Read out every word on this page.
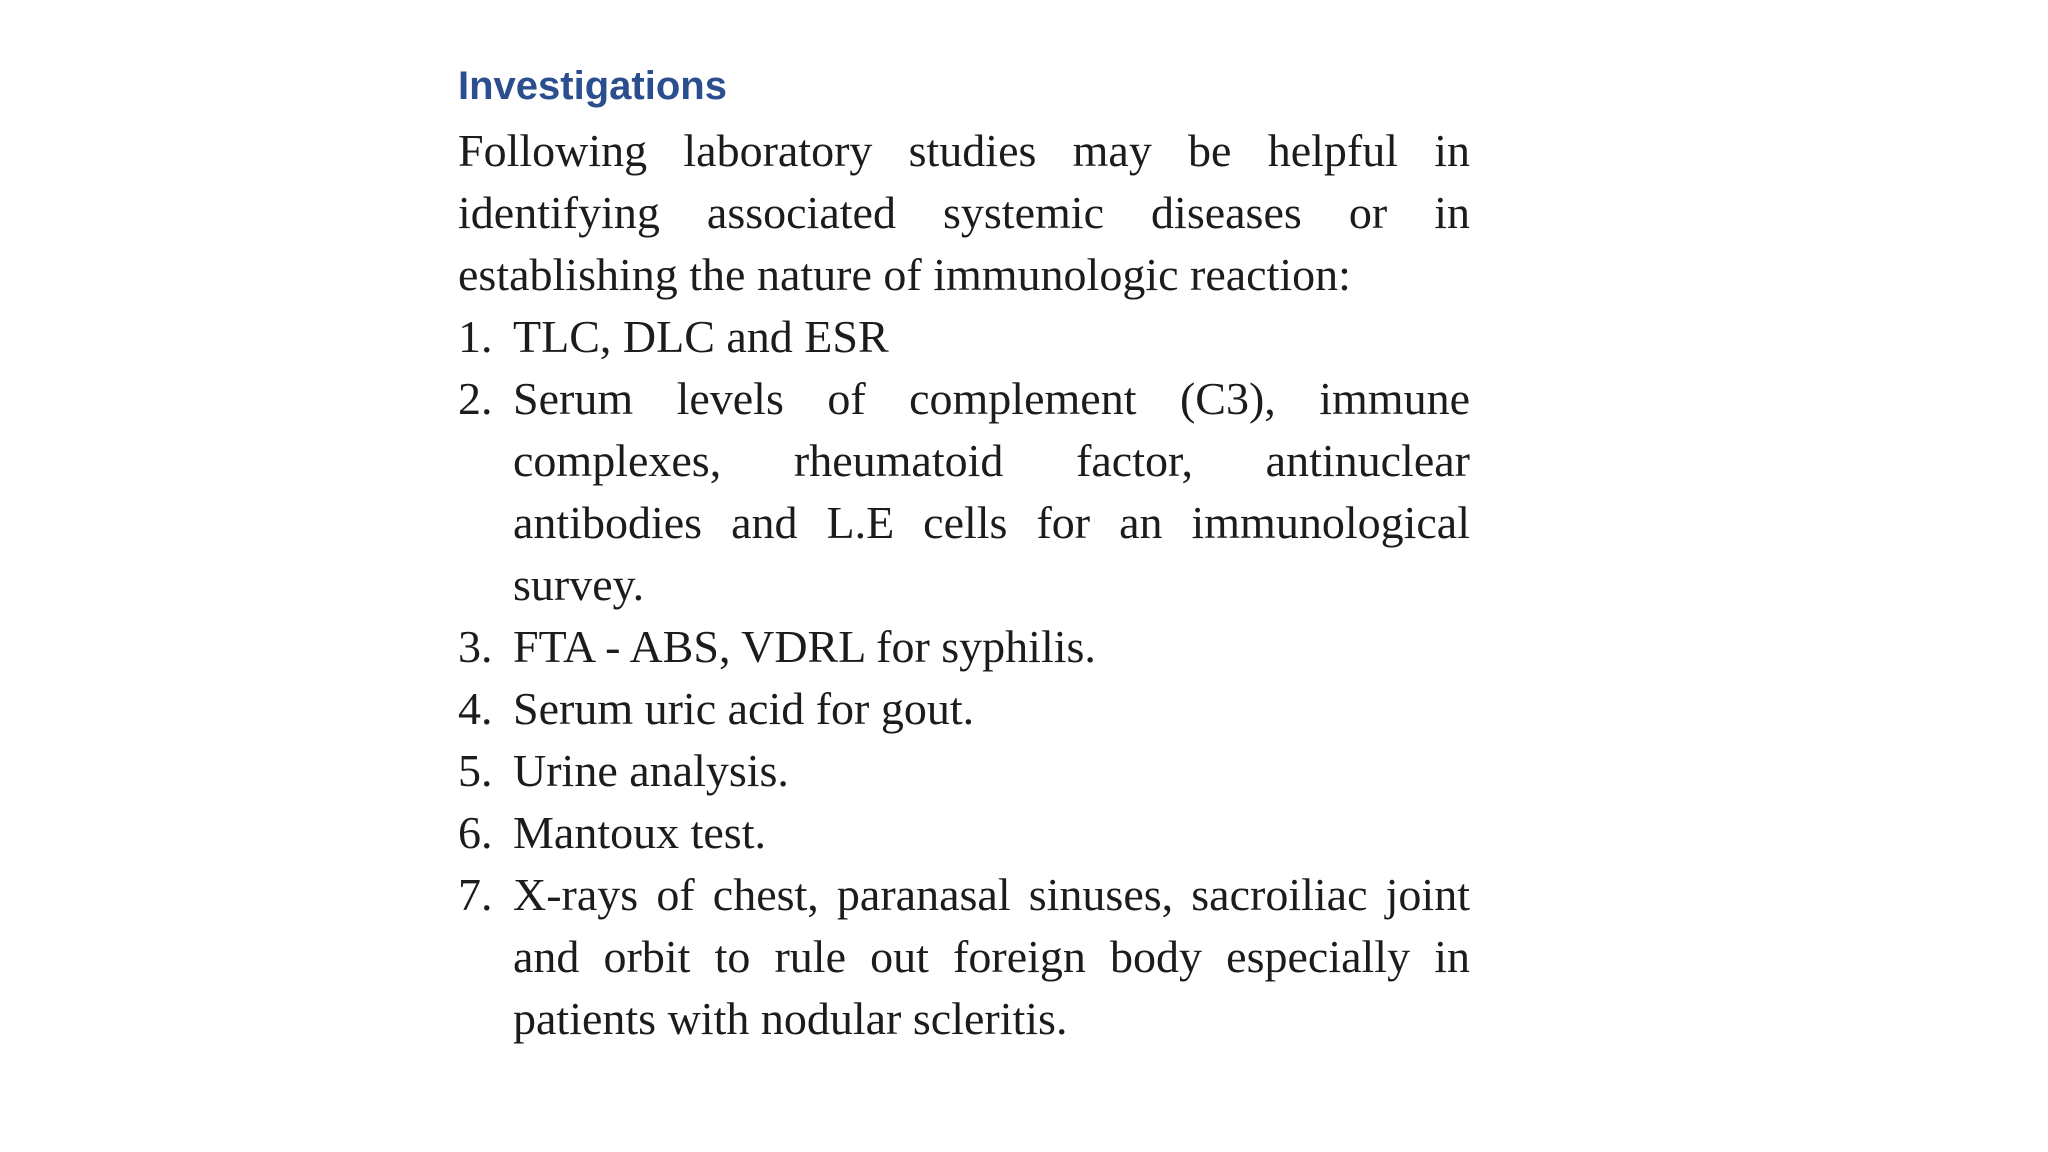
Investigations

Following laboratory studies may be helpful in identifying associated systemic diseases or in establishing the nature of immunologic reaction:

1. TLC, DLC and ESR
2. Serum levels of complement (C3), immune complexes, rheumatoid factor, antinuclear antibodies and L.E cells for an immunological survey.
3. FTA - ABS, VDRL for syphilis.
4. Serum uric acid for gout.
5. Urine analysis.
6. Mantoux test.
7. X-rays of chest, paranasal sinuses, sacroiliac joint and orbit to rule out foreign body especially in patients with nodular scleritis.
